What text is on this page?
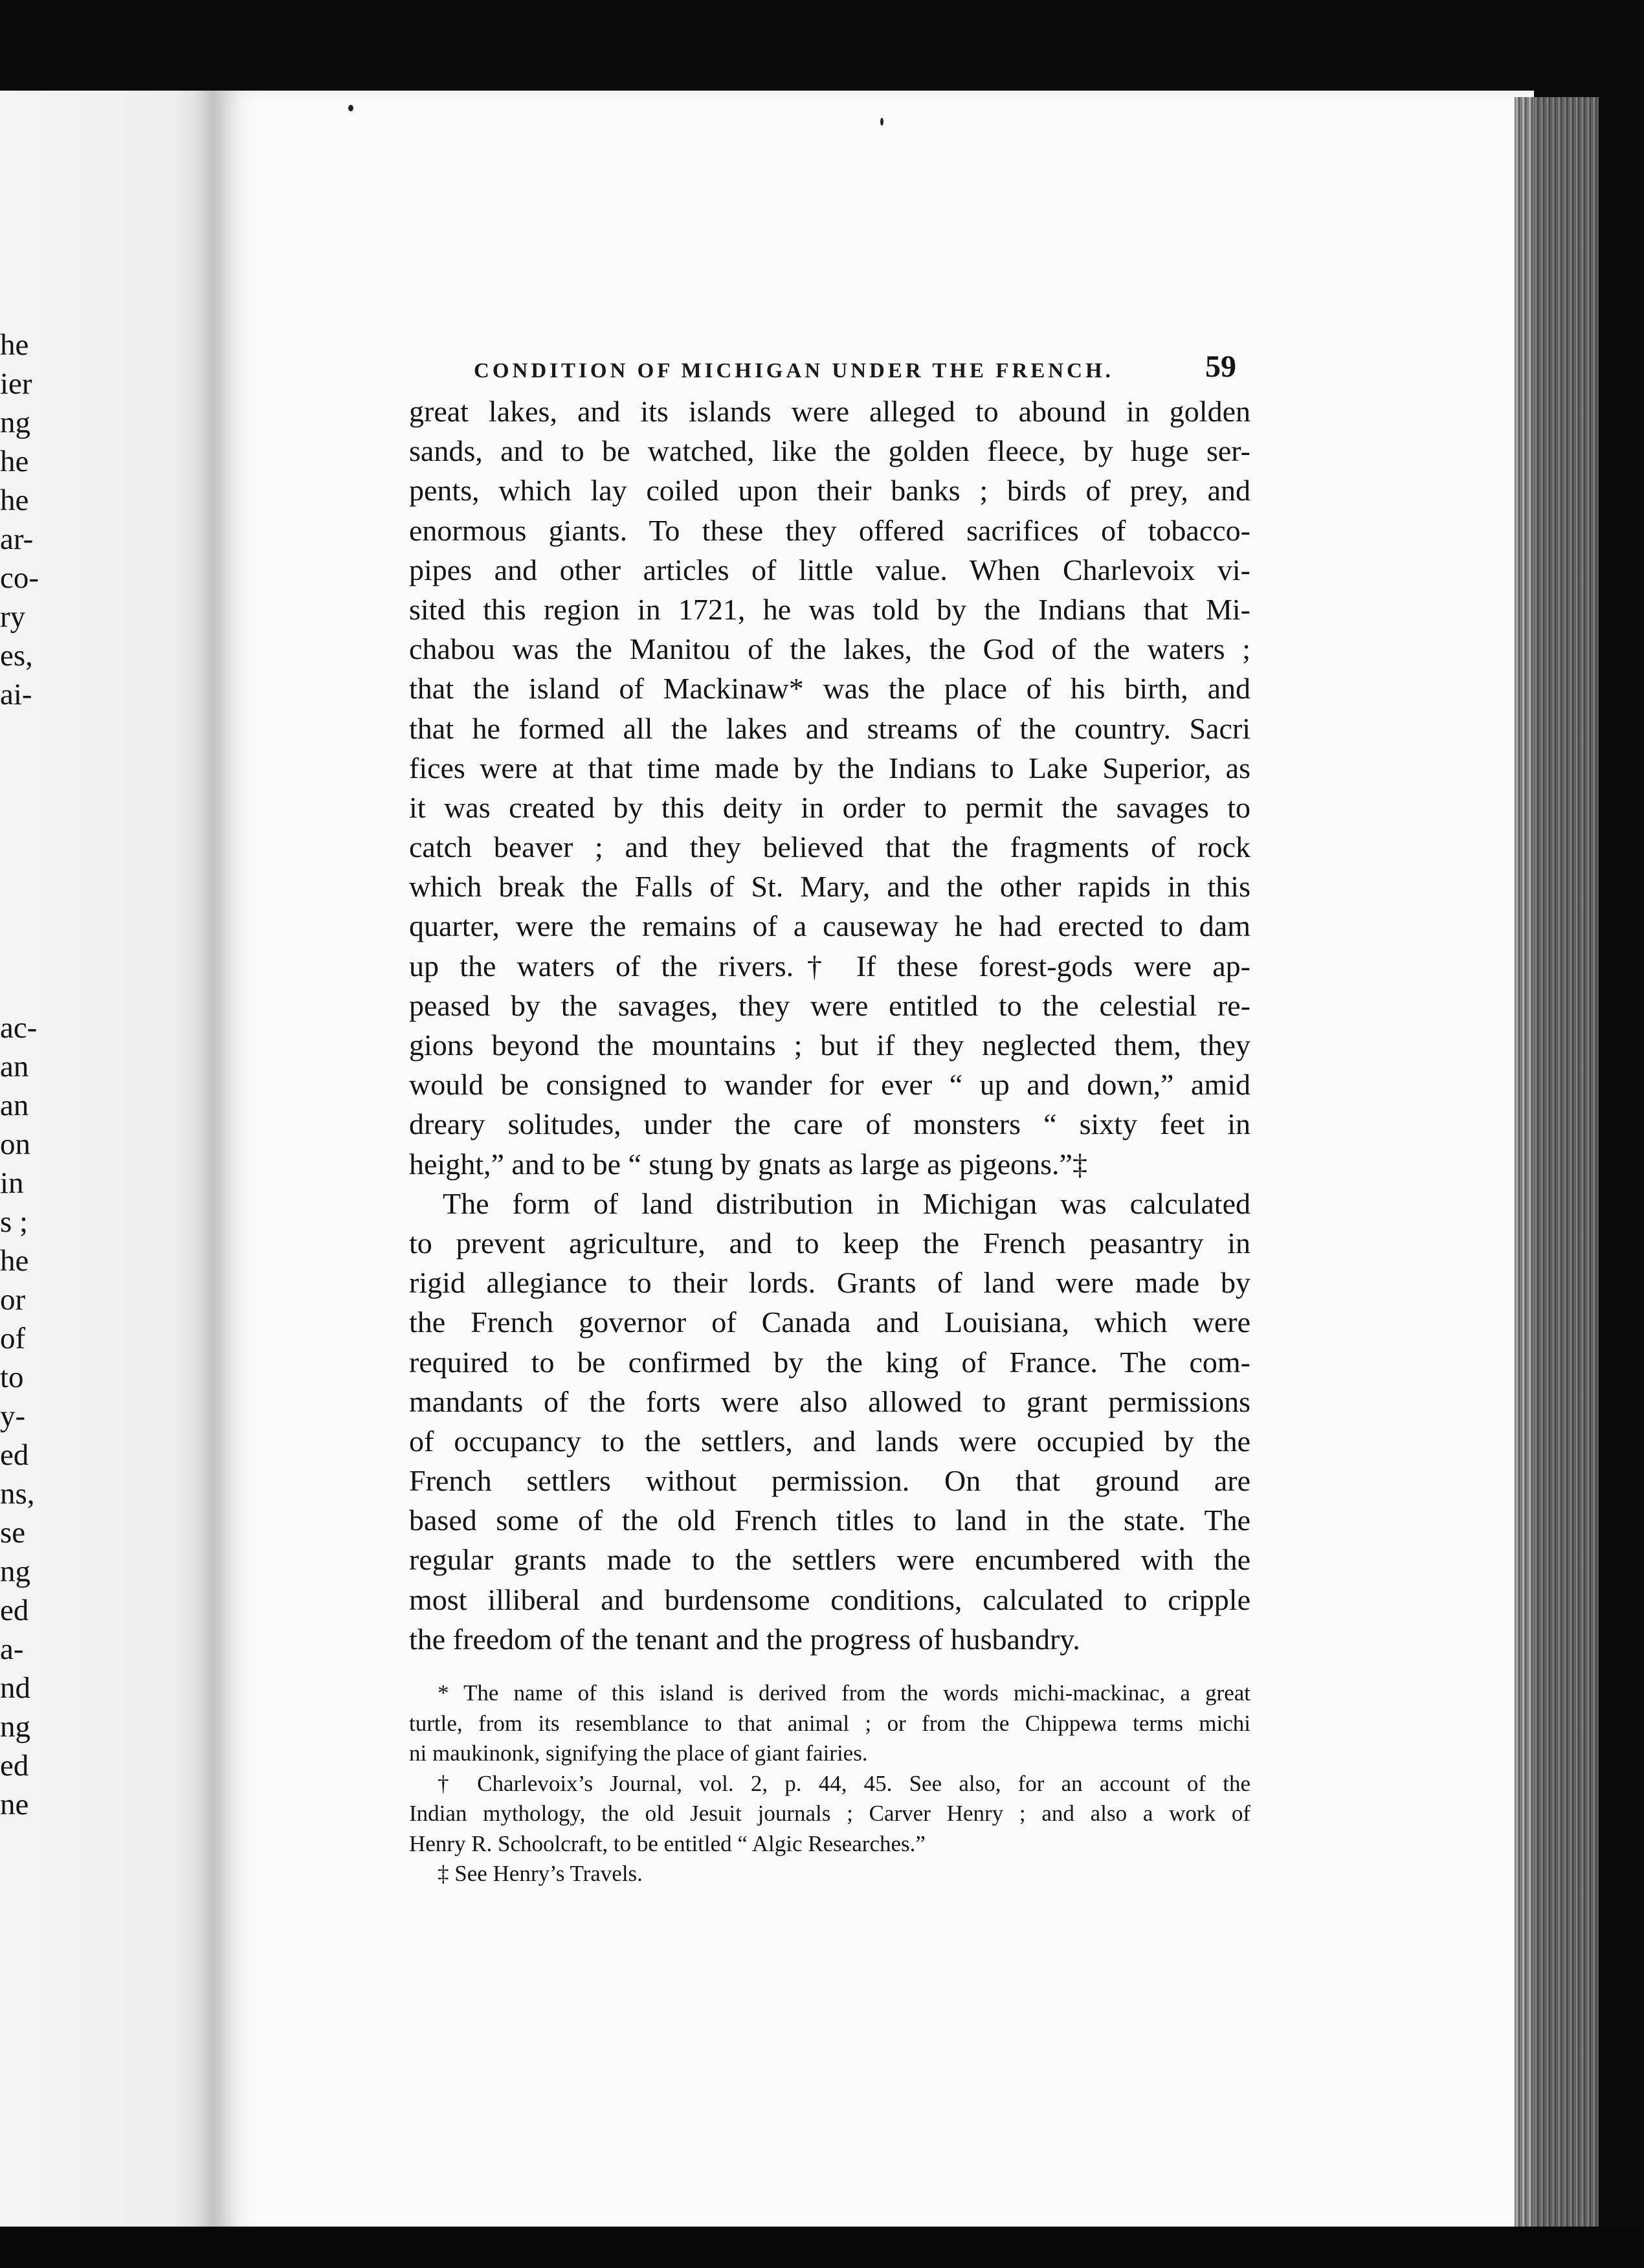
he
ier
ng
he
he
ar-
co-
ry
es,
ai-
ac-
an
an
on
in
s ;
he
or
of
to
y-
ed
ns,
se
ng
ed
a-
nd
ng
ed
ne
CONDITION OF MICHIGAN UNDER THE FRENCH.	59
great lakes, and its islands were alleged to abound in golden
sands, and to be watched, like the golden fleece, by huge ser-
pents, which lay coiled upon their banks ; birds of prey, and
enormous giants. To these they offered sacrifices of tobacco-
pipes and other articles of little value. When Charlevoix vi-
sited this region in 1721, he was told by the Indians that Mi-
chabou was the Manitou of the lakes, the God of the waters ;
that the island of Mackinaw* was the place of his birth, and
that he formed all the lakes and streams of the country. Sacri
fices were at that time made by the Indians to Lake Superior, as
it was created by this deity in order to permit the savages to
catch beaver ; and they believed that the fragments of rock
which break the Falls of St. Mary, and the other rapids in this
quarter, were the remains of a causeway he had erected to dam
up the waters of the rivers.† If these forest-gods were ap-
peased by the savages, they were entitled to the celestial re-
gions beyond the mountains ; but if they neglected them, they
would be consigned to wander for ever “ up and down,” amid
dreary solitudes, under the care of monsters “ sixty feet in
height,” and to be “ stung by gnats as large as pigeons.”‡
The form of land distribution in Michigan was calculated
to prevent agriculture, and to keep the French peasantry in
rigid allegiance to their lords. Grants of land were made by
the French governor of Canada and Louisiana, which were
required to be confirmed by the king of France. The com-
mandants of the forts were also allowed to grant permissions
of occupancy to the settlers, and lands were occupied by the
French settlers without permission. On that ground are
based some of the old French titles to land in the state. The
regular grants made to the settlers were encumbered with the
most illiberal and burdensome conditions, calculated to cripple
the freedom of the tenant and the progress of husbandry.
* The name of this island is derived from the words michi-mackinac, a great
turtle, from its resemblance to that animal ; or from the Chippewa terms michi
ni maukinonk, signifying the place of giant fairies.
† Charlevoix’s Journal, vol. 2, p. 44, 45. See also, for an account of the
Indian mythology, the old Jesuit journals ; Carver Henry ; and also a work of
Henry R. Schoolcraft, to be entitled “ Algic Researches.”
‡ See Henry’s Travels.
